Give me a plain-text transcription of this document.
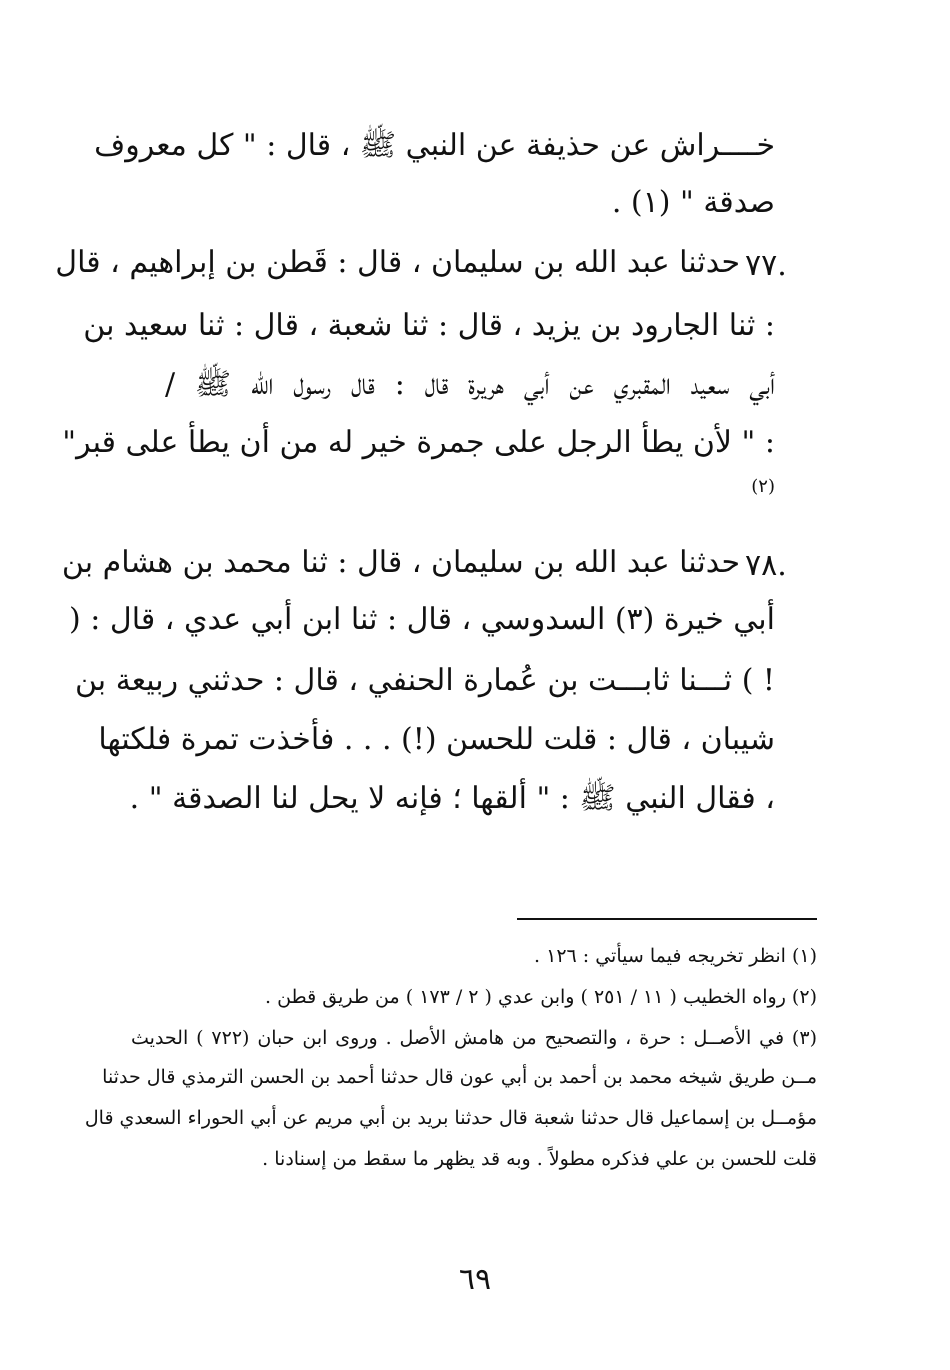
خــــراش عن حذيفة عن النبي ﷺ ، قال : " كل معروف
صدقة " (١) .
٧٧.
حدثنا عبد الله بن سليمان ، قال : قَطن بن إبراهيم ، قال
: ثنا الجارود بن يزيد ، قال : ثنا شعبة ، قال : ثنا سعيد بن
أبي سعيد المقبري عن أبي هريرة قال : قال رسول الله ﷺ /
: " لأن يطأ الرجل على جمرة خير له من أن يطأ على قبر"
(٢)
٧٨.
حدثنا عبد الله بن سليمان ، قال : ثنا محمد بن هشام بن
أبي خيرة (٣) السدوسي ، قال : ثنا ابن أبي عدي ، قال : (
! ) ثـــنا ثابـــت بن عُمارة الحنفي ، قال : حدثني ربيعة بن
شيبان ، قال : قلت للحسن (!) . . . فأخذت تمرة فلكتها
، فقال النبي ﷺ : " ألقها ؛ فإنه لا يحل لنا الصدقة " .
(١) انظر تخريجه فيما سيأتي : ١٢٦ .
(٢) رواه الخطيب ( ١١ / ٢٥١ ) وابن عدي ( ٢ / ١٧٣ ) من طريق قطن .
(٣) في الأصــل : حرة ، والتصحيح من هامش الأصل . وروى ابن حبان (٧٢٢ ) الحديث
مــن طريق شيخه محمد بن أحمد بن أبي عون قال حدثنا أحمد بن الحسن الترمذي قال حدثنا
مؤمــل بن إسماعيل قال حدثنا شعبة قال حدثنا بريد بن أبي مريم عن أبي الحوراء السعدي قال
قلت للحسن بن علي فذكره مطولاً . وبه قد يظهر ما سقط من إسنادنا .
٦٩
